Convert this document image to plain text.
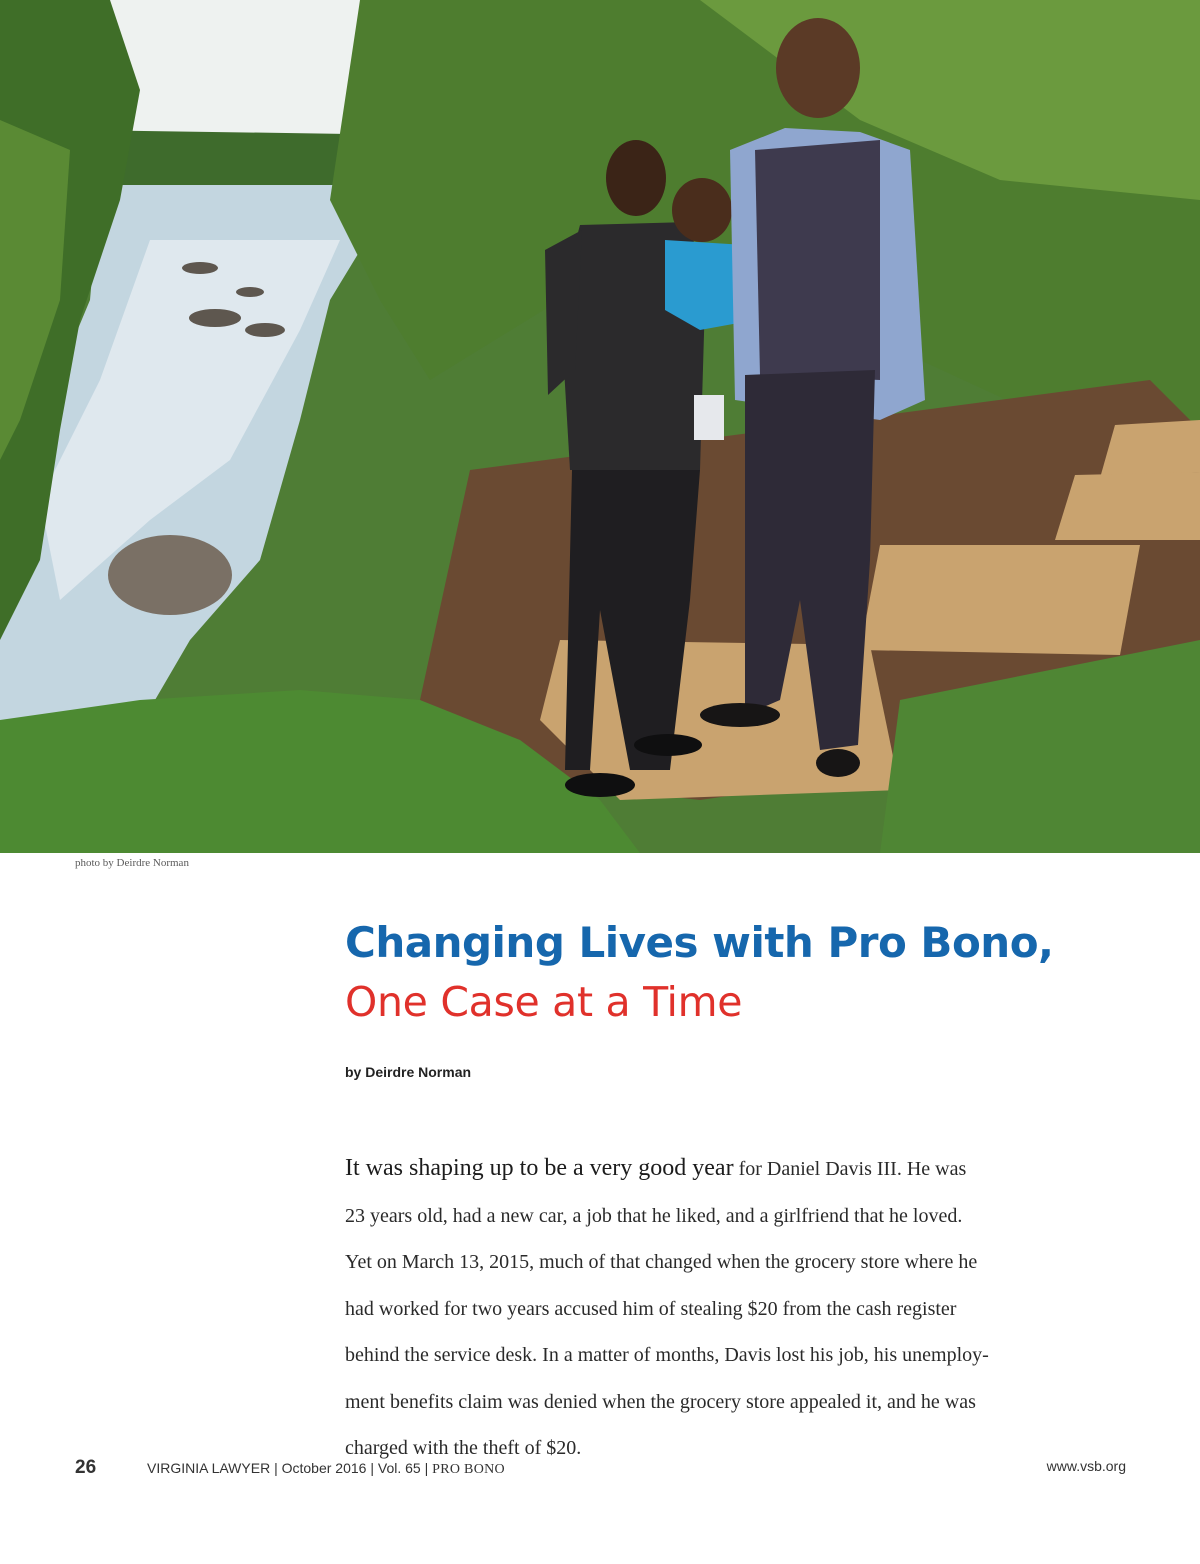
photo by Deirdre Norman
Changing Lives with Pro Bono,
One Case at a Time
by Deirdre Norman
It was shaping up to be a very good year for Daniel Davis III. He was
23 years old, had a new car, a job that he liked, and a girlfriend that he loved.
Yet on March 13, 2015, much of that changed when the grocery store where he
had worked for two years accused him of stealing $20 from the cash register
behind the service desk. In a matter of months, Davis lost his job, his unemploy-
ment benefits claim was denied when the grocery store appealed it, and he was
charged with the theft of $20.
26	VIRGINIA LAWYER | October 2016 | Vol. 65 | PRO BONO	www.vsb.org
